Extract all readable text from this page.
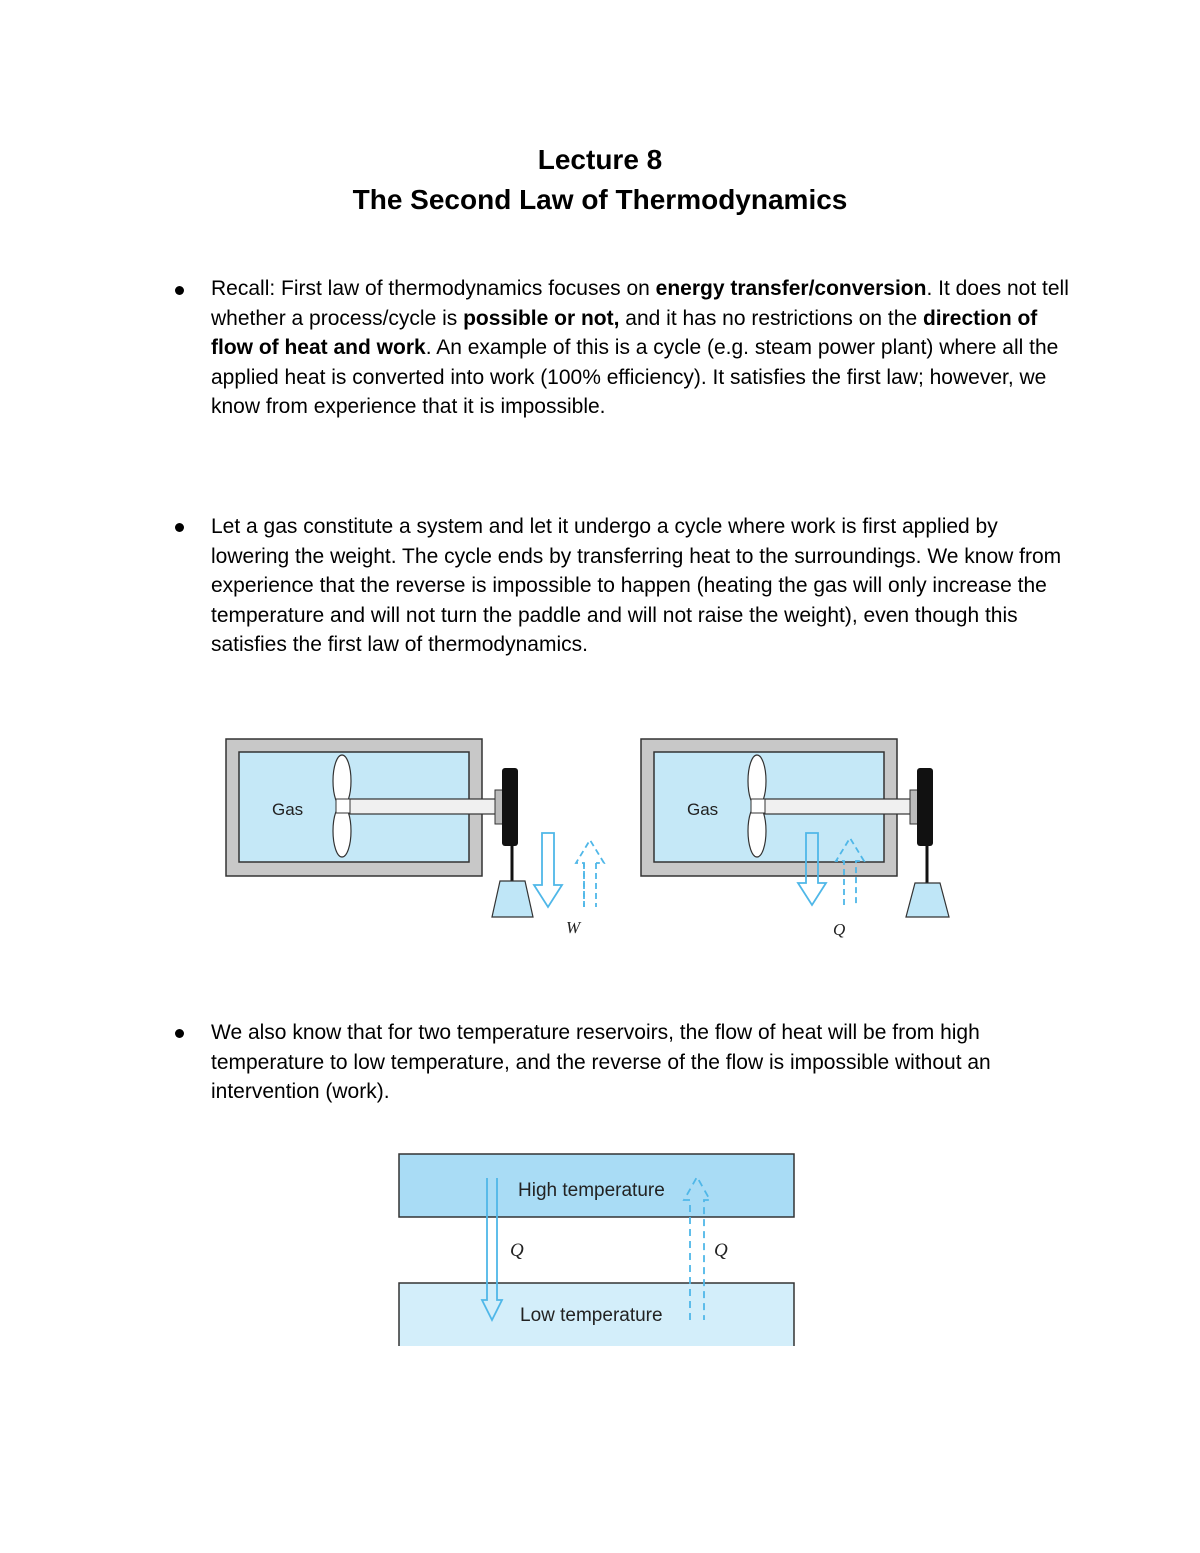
Lecture 8
The Second Law of Thermodynamics
Recall: First law of thermodynamics focuses on energy transfer/conversion. It does not tell whether a process/cycle is possible or not, and it has no restrictions on the direction of flow of heat and work. An example of this is a cycle (e.g. steam power plant) where all the applied heat is converted into work (100% efficiency). It satisfies the first law; however, we know from experience that it is impossible.
Let a gas constitute a system and let it undergo a cycle where work is first applied by lowering the weight. The cycle ends by transferring heat to the surroundings. We know from experience that the reverse is impossible to happen (heating the gas will only increase the temperature and will not turn the paddle and will not raise the weight), even though this satisfies the first law of thermodynamics.
Gas
W
Gas
Q
We also know that for two temperature reservoirs, the flow of heat will be from high temperature to low temperature, and the reverse of the flow is impossible without an intervention (work).
High temperature
Low temperature
Q	Q
